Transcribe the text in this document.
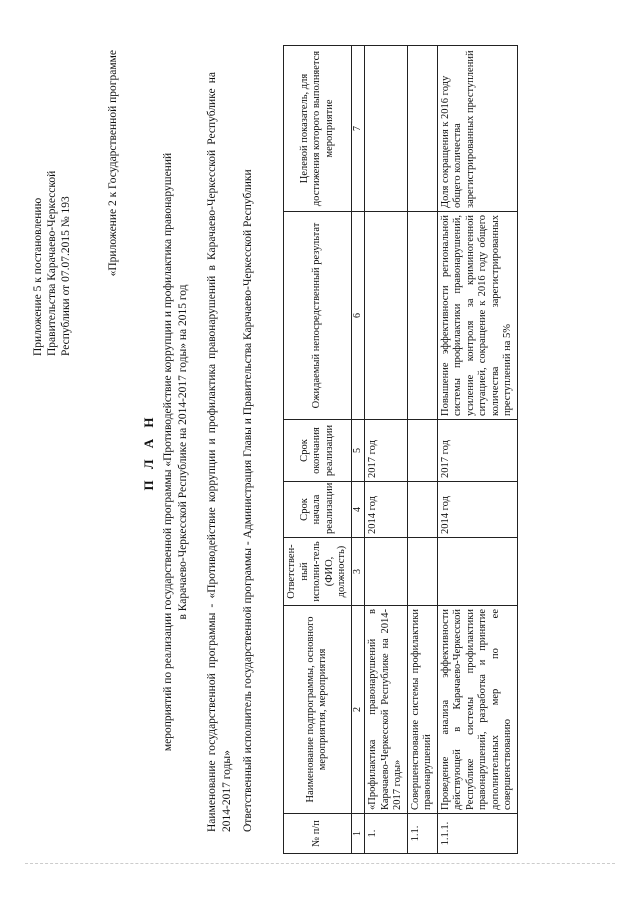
Приложение 5 к постановлению Правительства Карачаево-Черкесской Республики от 07.07.2015 № 193	«Приложение 2 к Государственной программе
П Л А Н мероприятий по реализации государственной программы «Противодействие коррупции и профилактика правонарушений в Карачаево-Черкесской Республике на 2014-2017 годы» на 2015 год Наименование государственной программы - «Противодействие коррупции и профилактика правонарушений в Карачаево-Черкесской Республике на 2014-2017 годы» Ответственный исполнитель государственной программы - Администрация Главы и Правительства Карачаево-Черкесской Республики
№ п/п	Наименование подпрограммы, основного мероприятия, мероприятия	Ответствен-ный исполни-тель (ФИО, должность)	Срок начала реализации	Срок окончания реализации	Ожидаемый непосредственный результат	Целевой показатель, для достижения которого выполняется мероприятие
1	2	3	4	5	6	7
1.	«Профилактика правонарушений в Карачаево-Черкесской Республике на 2014-2017 годы»		2014 год	2017 год		
1.1.	Совершенствование системы профилактики правонарушений					
1.1.1.	Проведение анализа эффективности действующей в Карачаево-Черкесской Республике системы профилактики правонарушений, разработка и принятие дополнительных мер по ее совершенствованию		2014 год	2017 год	Повышение эффективности региональной системы профилактики правонарушений, усиление контроля за криминогенной ситуацией, сокращение к 2016 году общего количества зарегистрированных преступлений на 5%	Доля сокращения к 2016 году общего количества зарегистрированных преступлений
